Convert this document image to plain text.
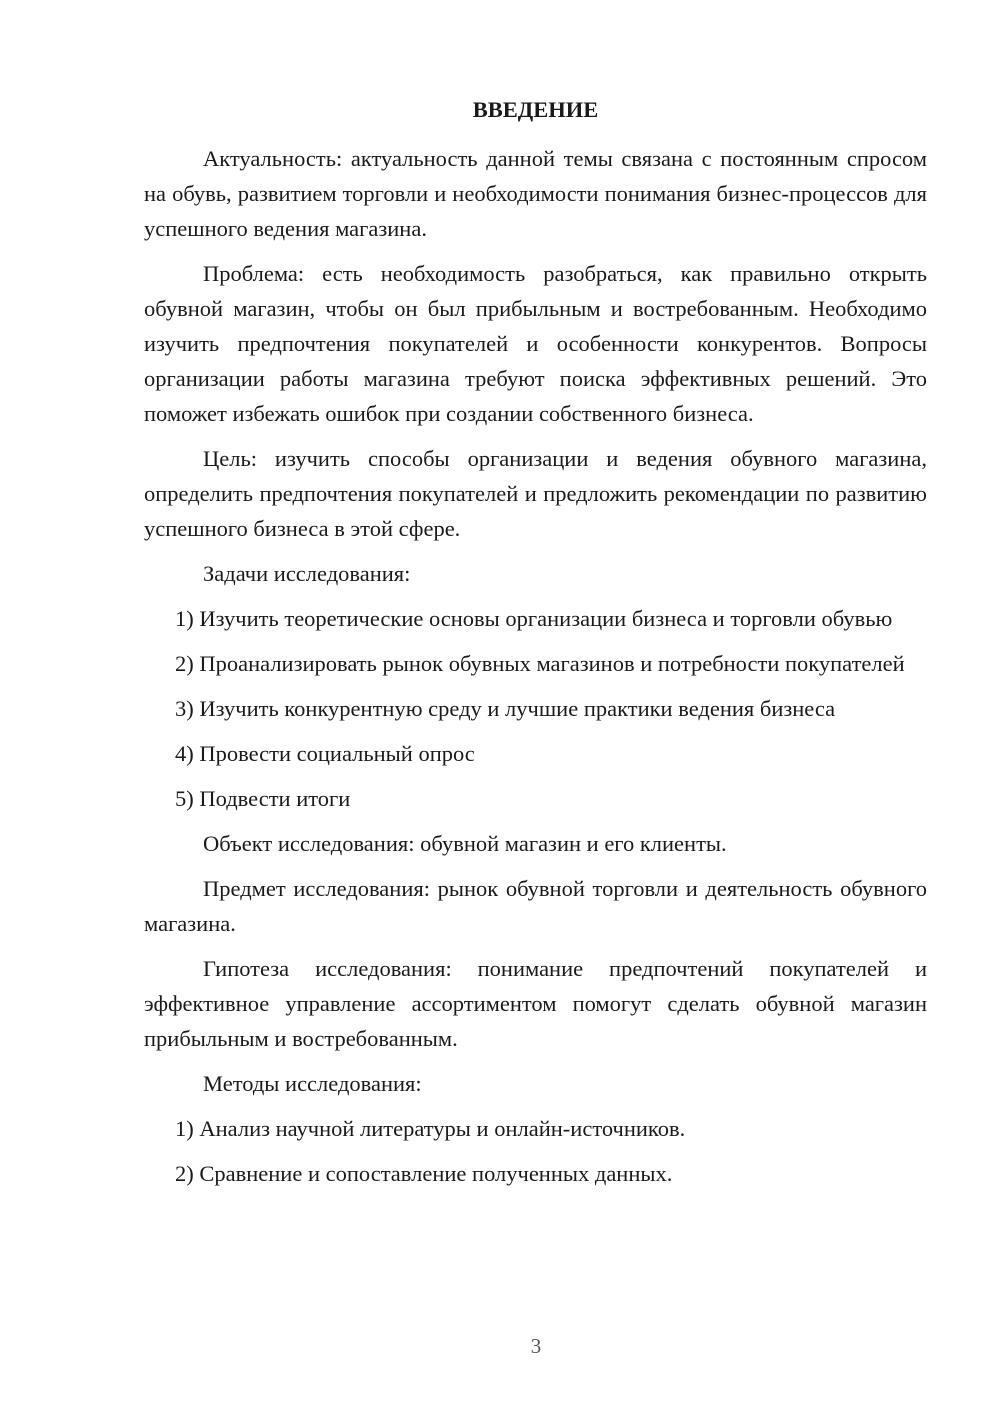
ВВЕДЕНИЕ

Актуальность: актуальность данной темы связана с постоянным спросом на обувь, развитием торговли и необходимости понимания бизнес-процессов для успешного ведения магазина.

Проблема: есть необходимость разобраться, как правильно открыть обувной магазин, чтобы он был прибыльным и востребованным. Необходимо изучить предпочтения покупателей и особенности конкурентов. Вопросы организации работы магазина требуют поиска эффективных решений. Это поможет избежать ошибок при создании собственного бизнеса.

Цель: изучить способы организации и ведения обувного магазина, определить предпочтения покупателей и предложить рекомендации по развитию успешного бизнеса в этой сфере.

Задачи исследования:

1) Изучить теоретические основы организации бизнеса и торговли обувью

2) Проанализировать рынок обувных магазинов и потребности покупателей

3) Изучить конкурентную среду и лучшие практики ведения бизнеса

4) Провести социальный опрос

5) Подвести итоги

Объект исследования: обувной магазин и его клиенты.

Предмет исследования: рынок обувной торговли и деятельность обувного магазина.

Гипотеза исследования: понимание предпочтений покупателей и эффективное управление ассортиментом помогут сделать обувной магазин прибыльным и востребованным.

Методы исследования:

1) Анализ научной литературы и онлайн-источников.

2) Сравнение и сопоставление полученных данных.

3
